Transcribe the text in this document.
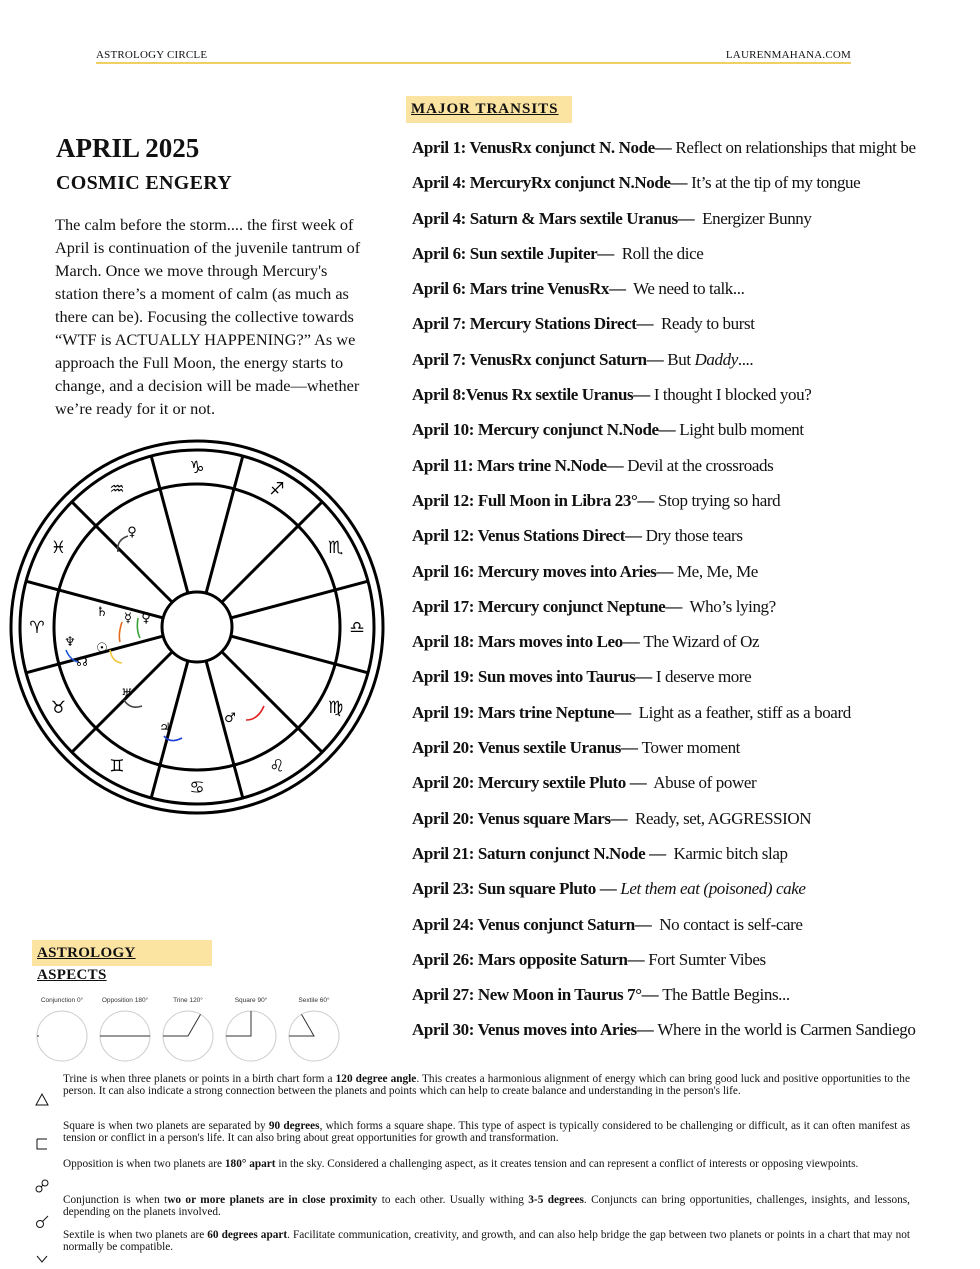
ASTROLOGY CIRCLE	LAURENMAHANA.COM
MAJOR TRANSITS
APRIL 2025
COSMIC ENGERY

The calm before the storm.... the first week of April is continuation of the juvenile tantrum of March. Once we move through Mercury's station there’s a moment of calm (as much as there can be). Focusing the collective towards “WTF is ACTUALLY HAPPENING?” As we approach the Full Moon, the energy starts to change, and a decision will be made—whether we’re ready for it or not.

April 1: VenusRx conjunct N. Node— Reflect on relationships that might be
April 4: MercuryRx conjunct N.Node— It’s at the tip of my tongue
April 4: Saturn & Mars sextile Uranus— Energizer Bunny
April 6: Sun sextile Jupiter— Roll the dice
April 6: Mars trine VenusRx— We need to talk...
April 7: Mercury Stations Direct— Ready to burst
April 7: VenusRx conjunct Saturn— But Daddy....
April 8:Venus Rx sextile Uranus— I thought I blocked you?
April 10: Mercury conjunct N.Node— Light bulb moment
April 11: Mars trine N.Node— Devil at the crossroads
April 12: Full Moon in Libra 23°— Stop trying so hard
April 12: Venus Stations Direct— Dry those tears
April 16: Mercury moves into Aries— Me, Me, Me
April 17: Mercury conjunct Neptune— Who’s lying?
April 18: Mars moves into Leo— The Wizard of Oz
April 19: Sun moves into Taurus— I deserve more
April 19: Mars trine Neptune— Light as a feather, stiff as a board
April 20: Venus sextile Uranus— Tower moment
April 20: Mercury sextile Pluto — Abuse of power
April 20: Venus square Mars— Ready, set, AGGRESSION
April 21: Saturn conjunct N.Node — Karmic bitch slap
April 23: Sun square Pluto — Let them eat (poisoned) cake
April 24: Venus conjunct Saturn— No contact is self-care
April 26: Mars opposite Saturn— Fort Sumter Vibes
April 27: New Moon in Taurus 7°— The Battle Begins...
April 30: Venus moves into Aries— Where in the world is Carmen Sandiego
♐
♏
♎
♍
♌
♋
♊
♉
♈
♓
♒
♑
♀
♄ ☿ ♀
♆ ☉
☊
♅
♃
♂
ASTROLOGY ASPECTS
Conjunction 0°	Opposition 180°	Trine 120°	Square 90°	Sextile 60°
Trine is when three planets or points in a birth chart form a 120 degree angle. This creates a harmonious alignment of energy which can bring good luck and positive opportunities to the person. It can also indicate a strong connection between the planets and points which can help to create balance and understanding in the person's life.
Square is when two planets are separated by 90 degrees, which forms a square shape. This type of aspect is typically considered to be challenging or difficult, as it can often manifest as tension or conflict in a person's life. It can also bring about great opportunities for growth and transformation.
Opposition is when two planets are 180° apart in the sky. Considered a challenging aspect, as it creates tension and can represent a conflict of interests or opposing viewpoints.
Conjunction is when two or more planets are in close proximity to each other. Usually withing 3-5 degrees. Conjuncts can bring opportunities, challenges, insights, and lessons, depending on the planets involved.
Sextile is when two planets are 60 degrees apart. Facilitate communication, creativity, and growth, and can also help bridge the gap between two planets or points in a chart that may not normally be compatible.
